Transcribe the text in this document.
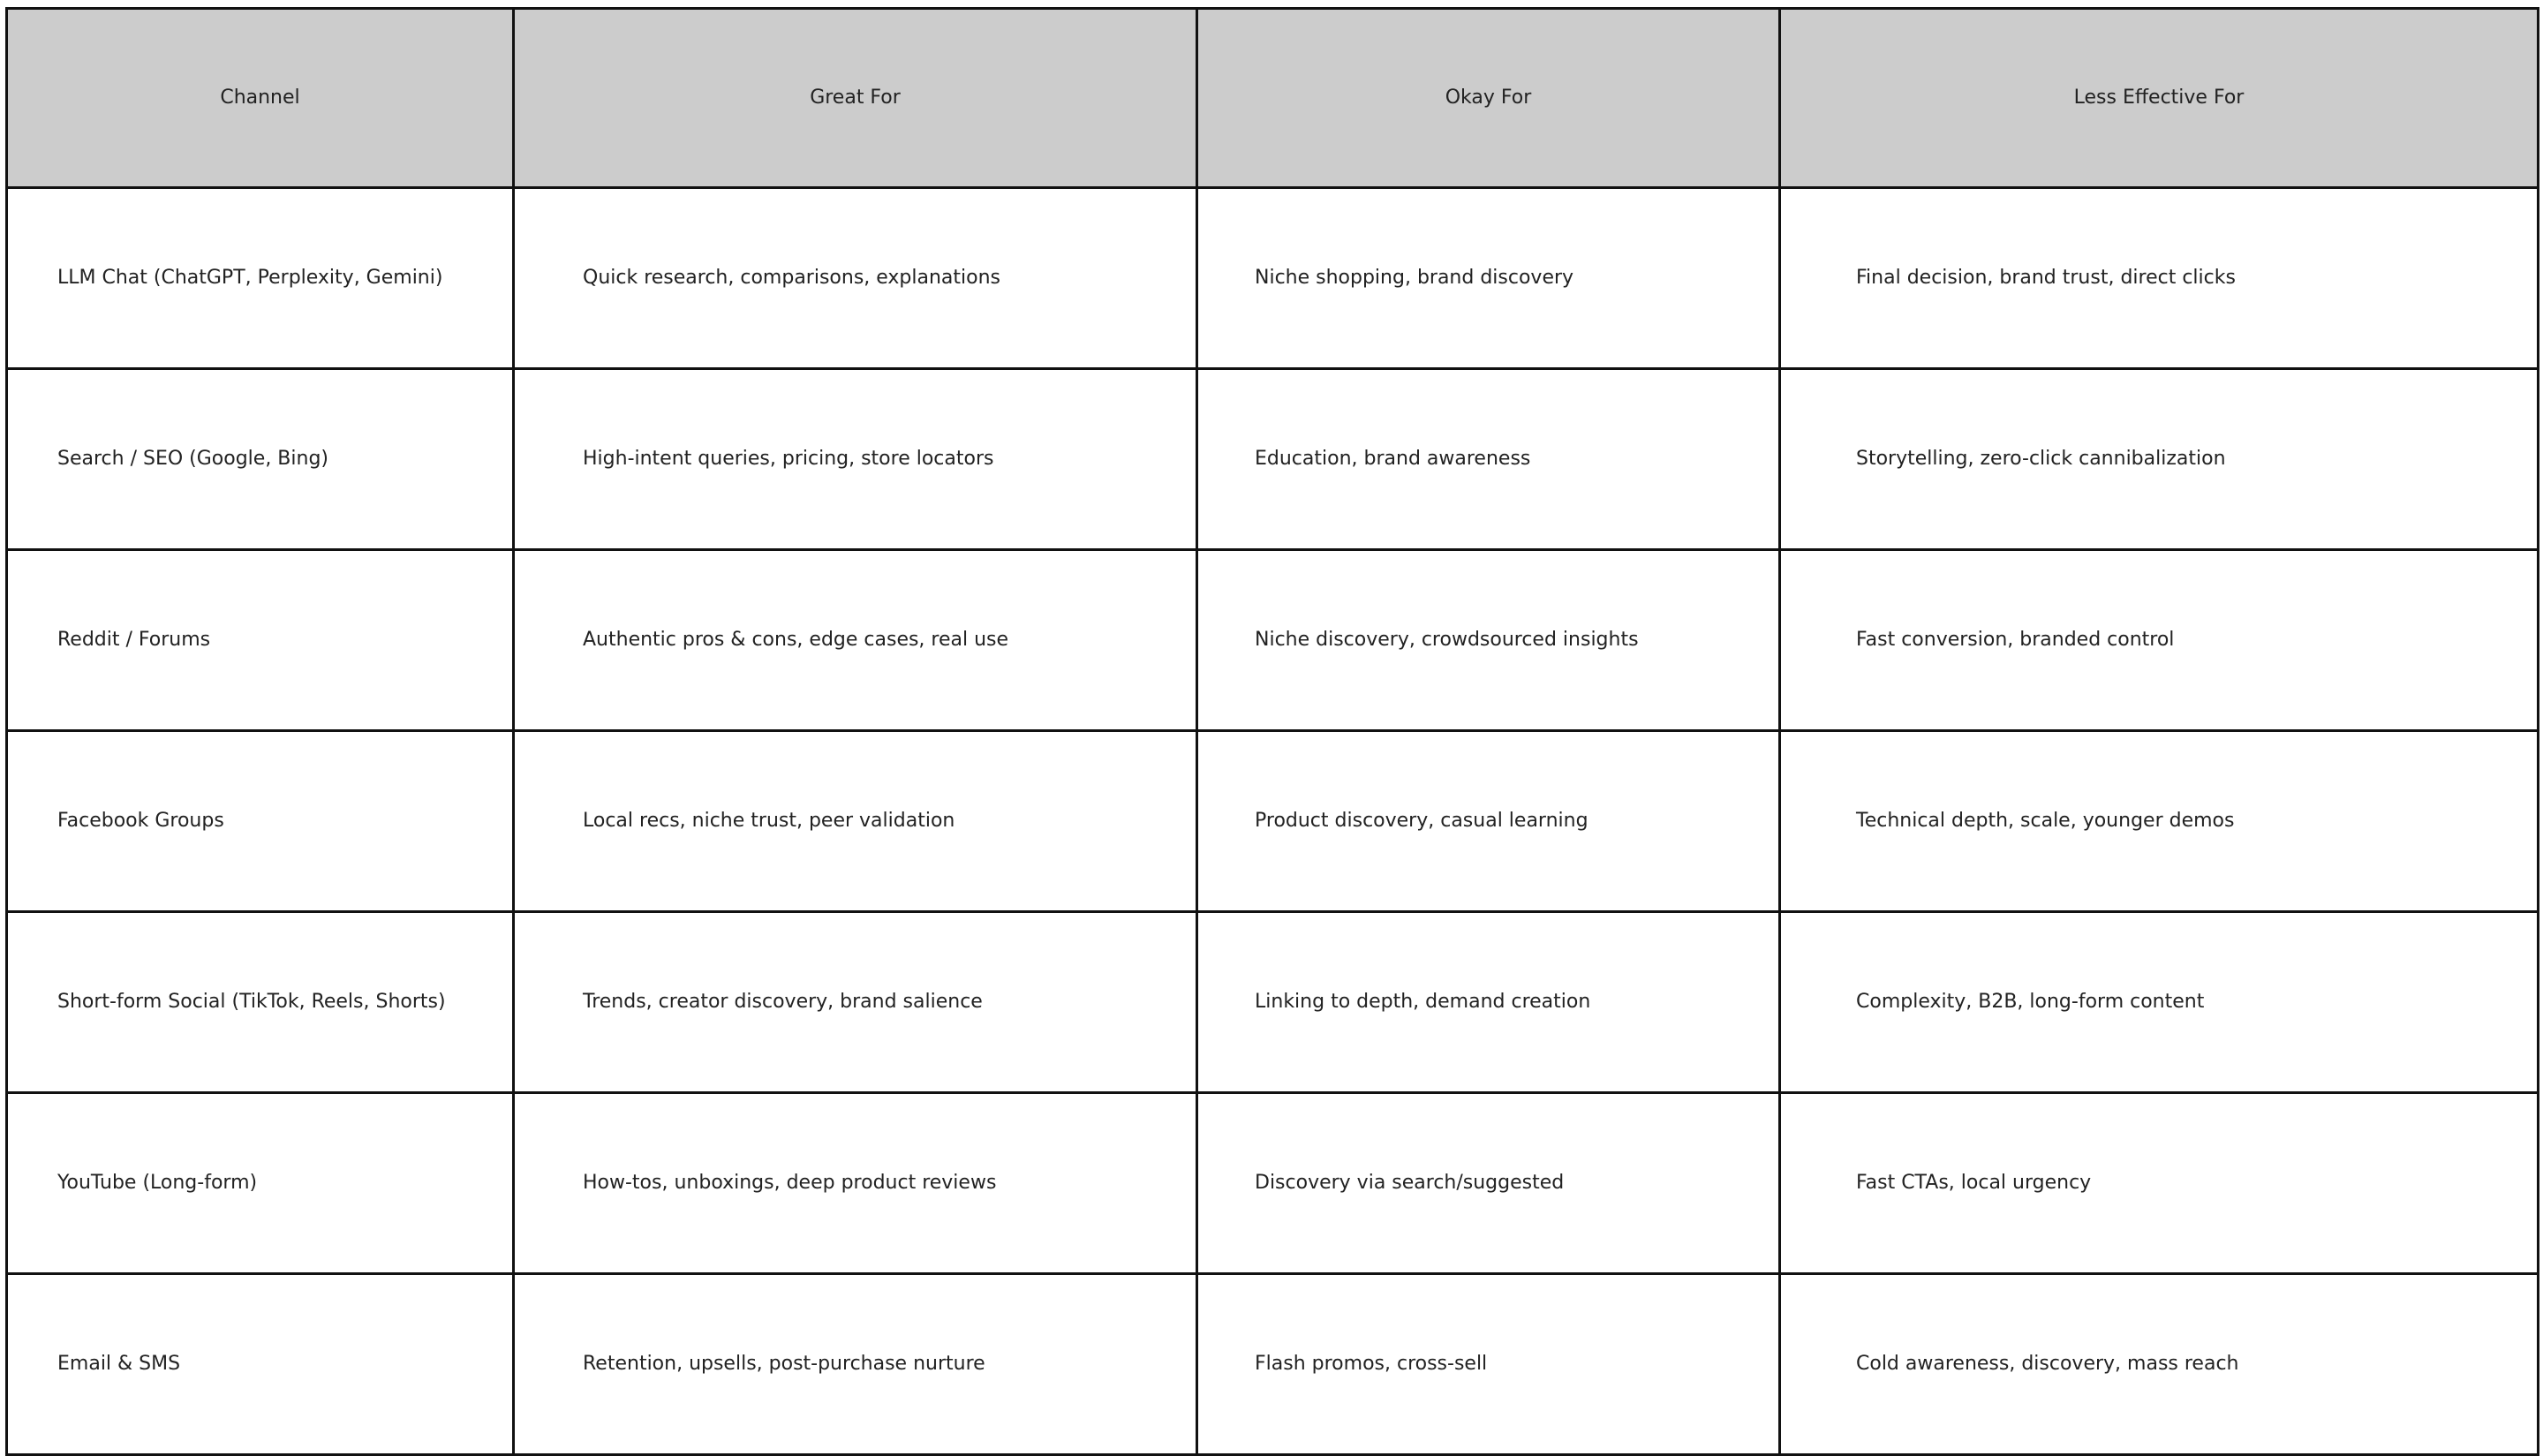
Channel	Great For	Okay For	Less Effective For
LLM Chat (ChatGPT, Perplexity, Gemini)	Quick research, comparisons, explanations	Niche shopping, brand discovery	Final decision, brand trust, direct clicks
Search / SEO (Google, Bing)	High-intent queries, pricing, store locators	Education, brand awareness	Storytelling, zero-click cannibalization
Reddit / Forums	Authentic pros & cons, edge cases, real use	Niche discovery, crowdsourced insights	Fast conversion, branded control
Facebook Groups	Local recs, niche trust, peer validation	Product discovery, casual learning	Technical depth, scale, younger demos
Short-form Social (TikTok, Reels, Shorts)	Trends, creator discovery, brand salience	Linking to depth, demand creation	Complexity, B2B, long-form content
YouTube (Long-form)	How-tos, unboxings, deep product reviews	Discovery via search/suggested	Fast CTAs, local urgency
Email & SMS	Retention, upsells, post-purchase nurture	Flash promos, cross-sell	Cold awareness, discovery, mass reach
